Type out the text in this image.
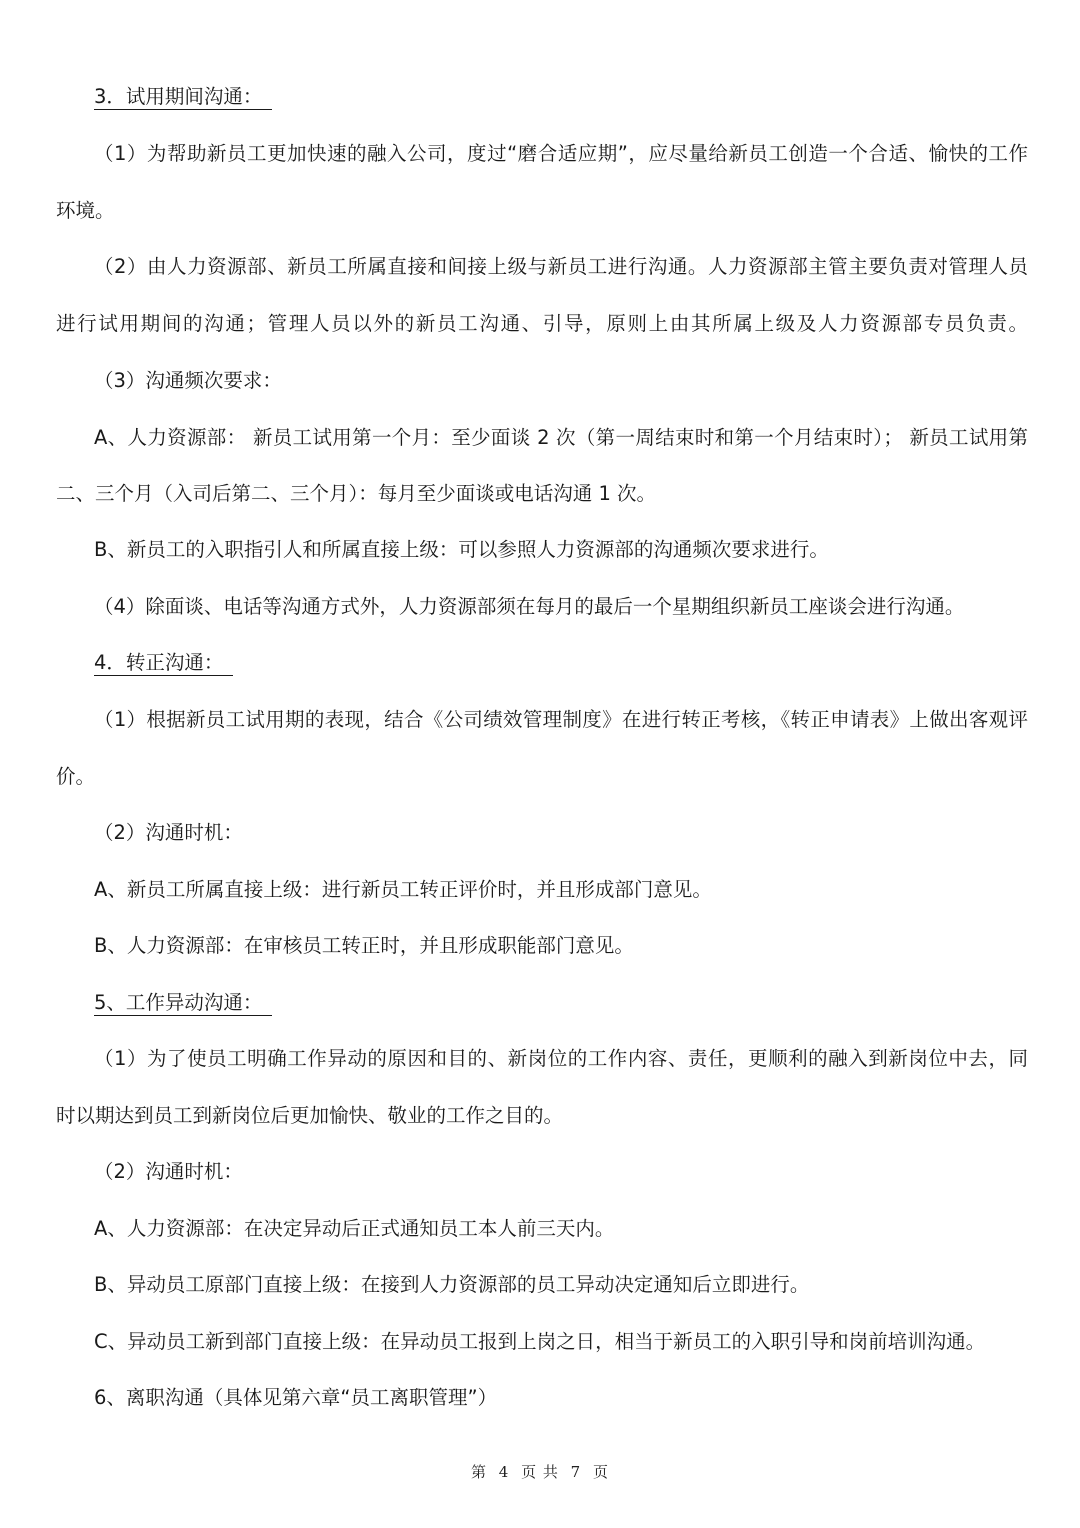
3．试用期间沟通：
（1）为帮助新员工更加快速的融入公司，度过“磨合适应期”，应尽量给新员工创造一个合适、愉快的工作
环境。
（2）由人力资源部、新员工所属直接和间接上级与新员工进行沟通。人力资源部主管主要负责对管理人员
进行试用期间的沟通；管理人员以外的新员工沟通、引导，原则上由其所属上级及人力资源部专员负责。
（3）沟通频次要求：
A、人力资源部： 新员工试用第一个月：至少面谈 2 次（第一周结束时和第一个月结束时）； 新员工试用第
二、三个月（入司后第二、三个月）：每月至少面谈或电话沟通 1 次。
B、新员工的入职指引人和所属直接上级：可以参照人力资源部的沟通频次要求进行。
（4）除面谈、电话等沟通方式外，人力资源部须在每月的最后一个星期组织新员工座谈会进行沟通。
4．转正沟通：
（1）根据新员工试用期的表现，结合《公司绩效管理制度》在进行转正考核，《转正申请表》上做出客观评
价。
（2）沟通时机：
A、新员工所属直接上级：进行新员工转正评价时，并且形成部门意见。
B、人力资源部：在审核员工转正时，并且形成职能部门意见。
5、工作异动沟通：
（1）为了使员工明确工作异动的原因和目的、新岗位的工作内容、责任，更顺利的融入到新岗位中去，同
时以期达到员工到新岗位后更加愉快、敬业的工作之目的。
（2）沟通时机：
A、人力资源部：在决定异动后正式通知员工本人前三天内。
B、异动员工原部门直接上级：在接到人力资源部的员工异动决定通知后立即进行。
C、异动员工新到部门直接上级：在异动员工报到上岗之日，相当于新员工的入职引导和岗前培训沟通。
6、离职沟通（具体见第六章“员工离职管理”）
第 4 页 共 7 页
